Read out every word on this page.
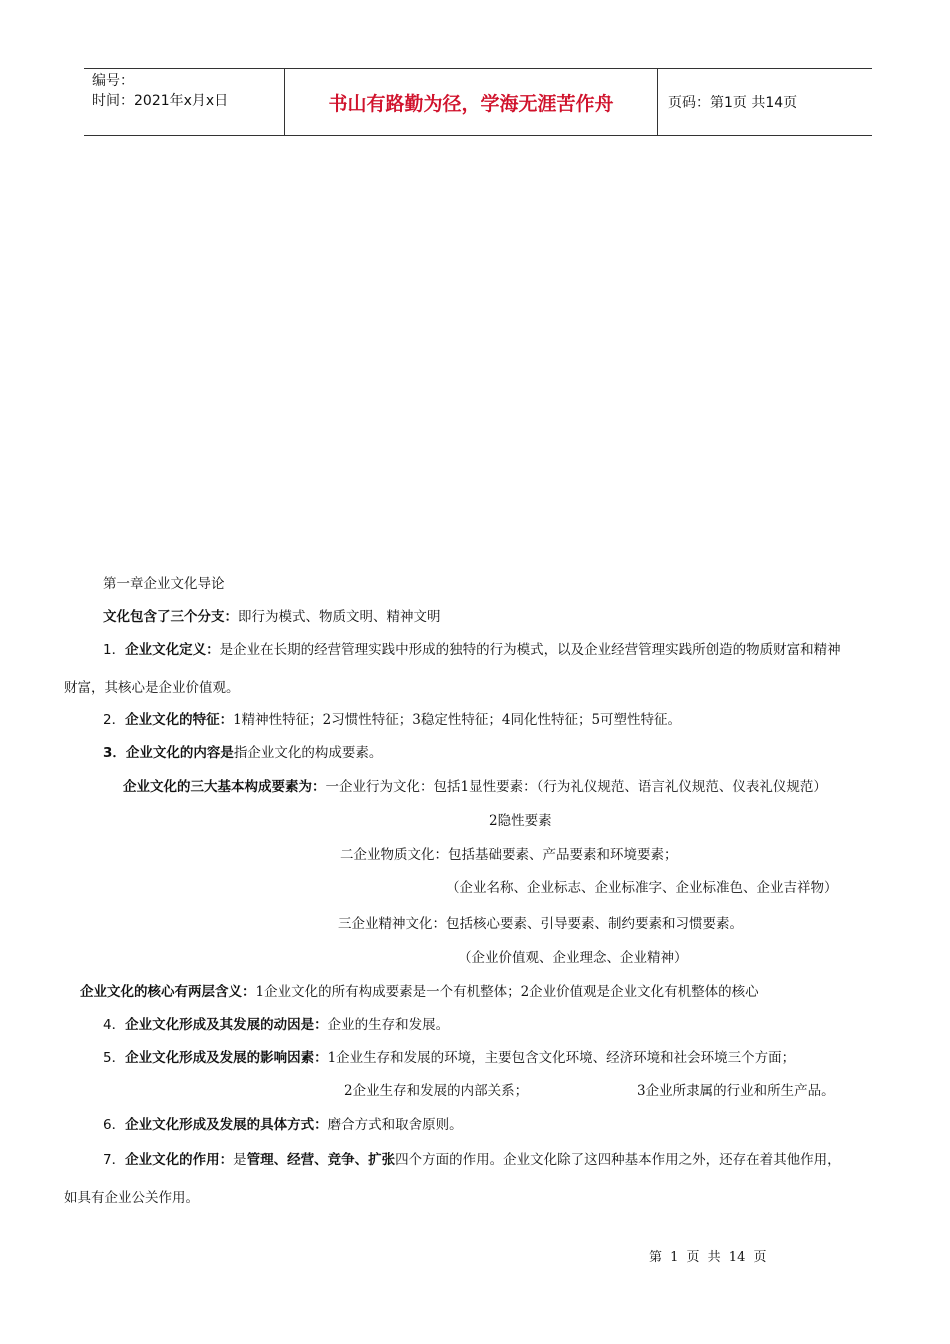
编号：
时间：2021年x月x日	书山有路勤为径，学海无涯苦作舟	页码：第1页 共14页
第一章企业文化导论
文化包含了三个分支：即行为模式、物质文明、精神文明
1．企业文化定义：是企业在长期的经营管理实践中形成的独特的行为模式，以及企业经营管理实践所创造的物质财富和精神
财富，其核心是企业价值观。
2．企业文化的特征：1精神性特征；2习惯性特征；3稳定性特征；4同化性特征；5可塑性特征。
3．企业文化的内容是指企业文化的构成要素。
企业文化的三大基本构成要素为：一企业行为文化：包括1显性要素：（行为礼仪规范、语言礼仪规范、仪表礼仪规范）
2隐性要素
二企业物质文化：包括基础要素、产品要素和环境要素；
（企业名称、企业标志、企业标准字、企业标准色、企业吉祥物）
三企业精神文化：包括核心要素、引导要素、制约要素和习惯要素。
（企业价值观、企业理念、企业精神）
企业文化的核心有两层含义：1企业文化的所有构成要素是一个有机整体；2企业价值观是企业文化有机整体的核心
4．企业文化形成及其发展的动因是：企业的生存和发展。
5．企业文化形成及发展的影响因素：1企业生存和发展的环境，主要包含文化环境、经济环境和社会环境三个方面；
2企业生存和发展的内部关系；	3企业所隶属的行业和所生产品。
6．企业文化形成及发展的具体方式：磨合方式和取舍原则。
7．企业文化的作用：是管理、经营、竞争、扩张四个方面的作用。企业文化除了这四种基本作用之外，还存在着其他作用，
如具有企业公关作用。
第 1 页 共 14 页
